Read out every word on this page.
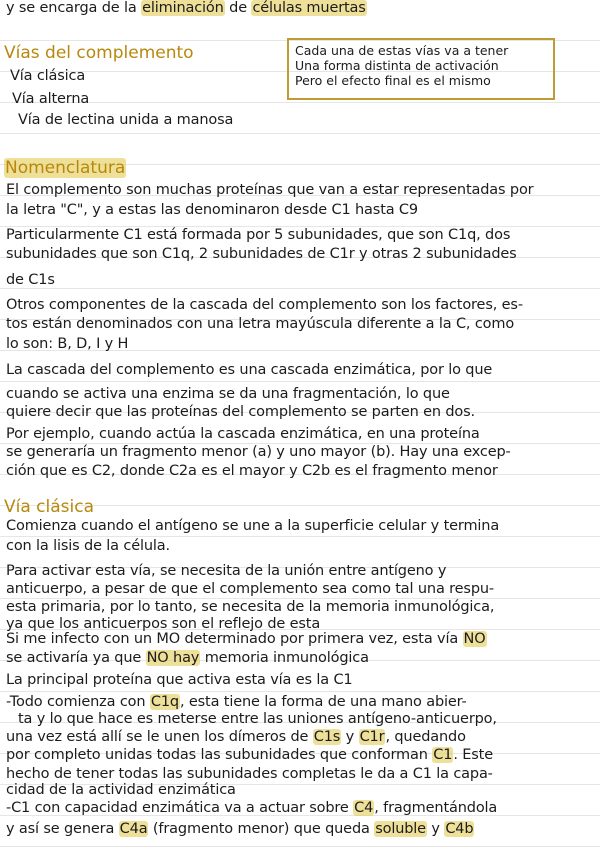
y se encarga de la eliminación de células muertas
Vías del complemento
Vía clásica
Vía alterna
Vía de lectina unida a manosa
Cada una de estas vías va a tener
Una forma distinta de activación
Pero el efecto final es el mismo
Nomenclatura
El complemento son muchas proteínas que van a estar representadas por
la letra "C", y a estas las denominaron desde C1 hasta C9
Particularmente C1 está formada por 5 subunidades, que son C1q, dos
subunidades que son C1q, 2 subunidades de C1r y otras 2 subunidades
de C1s
Otros componentes de la cascada del complemento son los factores, es-
tos están denominados con una letra mayúscula diferente a la C, como
lo son: B, D, I y H
La cascada del complemento es una cascada enzimática, por lo que
cuando se activa una enzima se da una fragmentación, lo que
quiere decir que las proteínas del complemento se parten en dos.
Por ejemplo, cuando actúa la cascada enzimática, en una proteína
se generaría un fragmento menor (a) y uno mayor (b). Hay una excep-
ción que es C2, donde C2a es el mayor y C2b es el fragmento menor
Vía clásica
Comienza cuando el antígeno se une a la superficie celular y termina
con la lisis de la célula.
Para activar esta vía, se necesita de la unión entre antígeno y
anticuerpo, a pesar de que el complemento sea como tal una respu-
esta primaria, por lo tanto, se necesita de la memoria inmunológica,
ya que los anticuerpos son el reflejo de esta
Si me infecto con un MO determinado por primera vez, esta vía NO
se activaría ya que NO hay memoria inmunológica
La principal proteína que activa esta vía es la C1
-Todo comienza con C1q, esta tiene la forma de una mano abier-
ta y lo que hace es meterse entre las uniones antígeno-anticuerpo,
una vez está allí se le unen los dímeros de C1s y C1r, quedando
por completo unidas todas las subunidades que conforman C1. Este
hecho de tener todas las subunidades completas le da a C1 la capa-
cidad de la actividad enzimática
-C1 con capacidad enzimática va a actuar sobre C4, fragmentándola
y así se genera C4a (fragmento menor) que queda soluble y C4b
